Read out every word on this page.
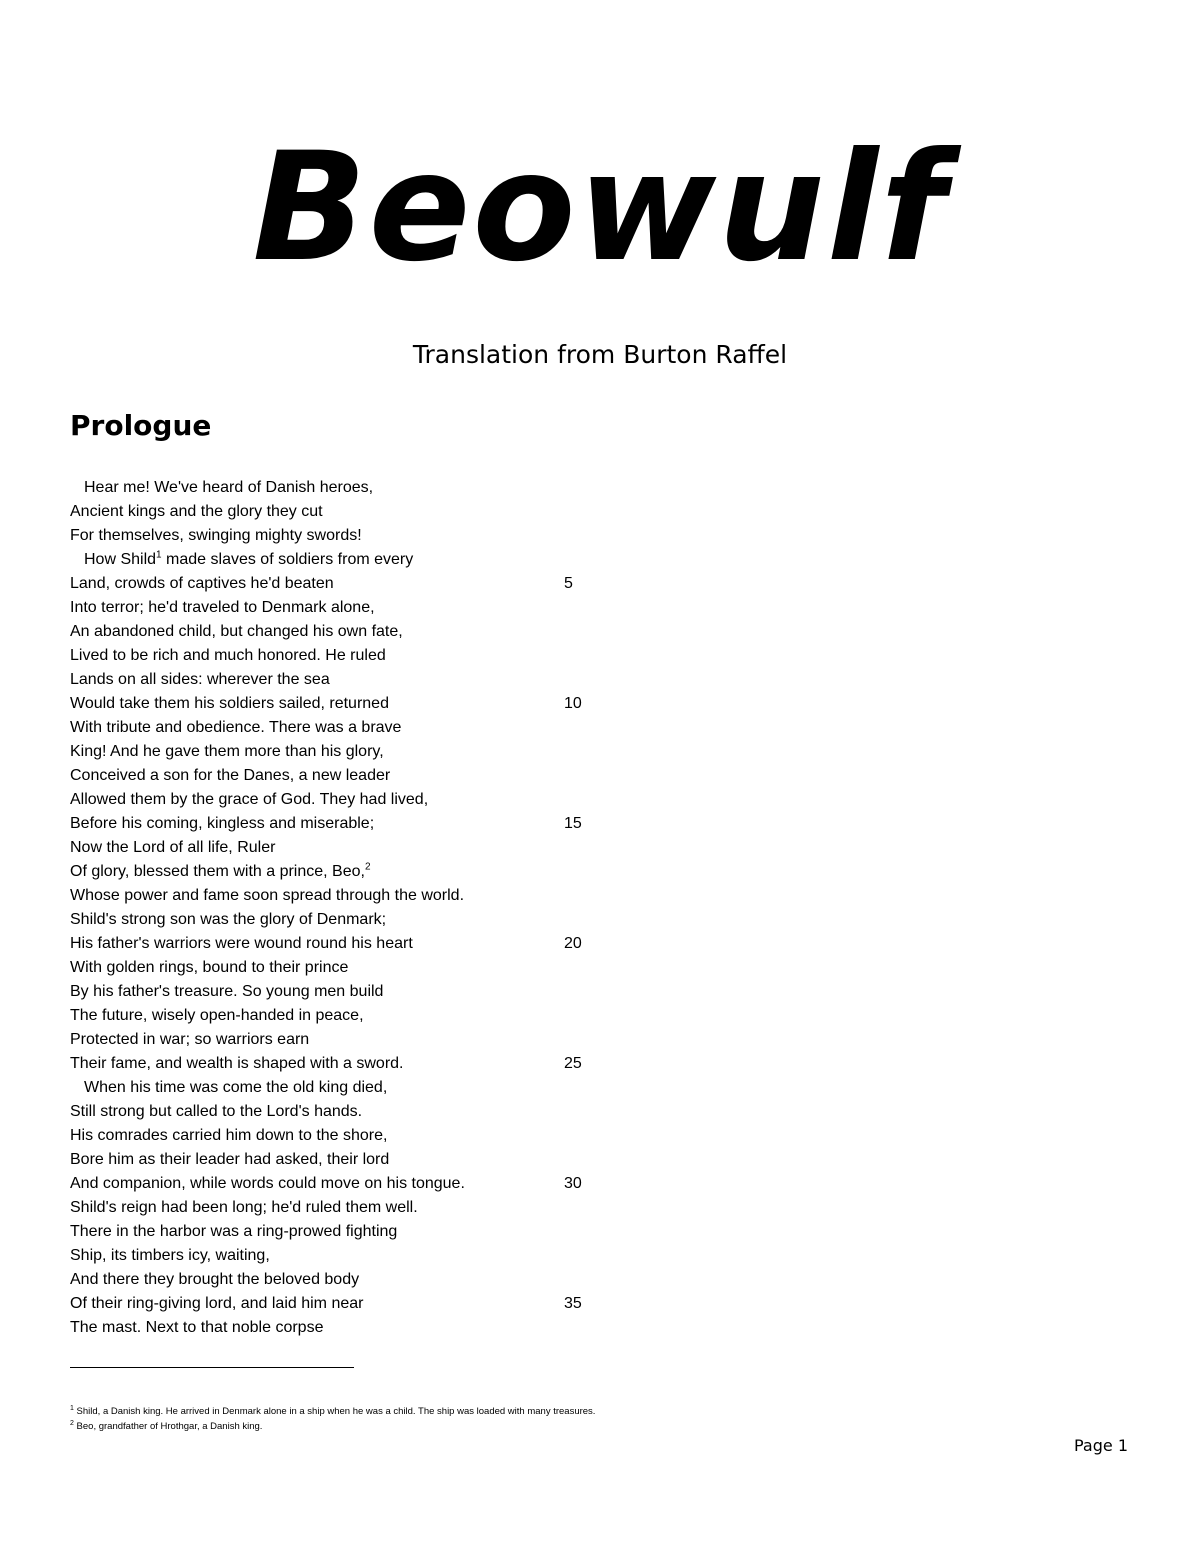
Beowulf
Translation from Burton Raffel
Prologue
Hear me! We've heard of Danish heroes,
Ancient kings and the glory they cut
For themselves, swinging mighty swords!
How Shild$^1$ made slaves of soldiers from every
Land, crowds of captives he'd beaten	5
Into terror; he'd traveled to Denmark alone,
An abandoned child, but changed his own fate,
Lived to be rich and much honored. He ruled
Lands on all sides: wherever the sea
Would take them his soldiers sailed, returned	10
With tribute and obedience. There was a brave
King! And he gave them more than his glory,
Conceived a son for the Danes, a new leader
Allowed them by the grace of God. They had lived,
Before his coming, kingless and miserable;	15
Now the Lord of all life, Ruler
Of glory, blessed them with a prince, Beo,$^2$
Whose power and fame soon spread through the world.
Shild's strong son was the glory of Denmark;
His father's warriors were wound round his heart	20
With golden rings, bound to their prince
By his father's treasure. So young men build
The future, wisely open-handed in peace,
Protected in war; so warriors earn
Their fame, and wealth is shaped with a sword.	25
When his time was come the old king died,
Still strong but called to the Lord's hands.
His comrades carried him down to the shore,
Bore him as their leader had asked, their lord
And companion, while words could move on his tongue.	30
Shild's reign had been long; he'd ruled them well.
There in the harbor was a ring-prowed fighting
Ship, its timbers icy, waiting,
And there they brought the beloved body
Of their ring-giving lord, and laid him near	35
The mast. Next to that noble corpse
$^1$ Shild, a Danish king. He arrived in Denmark alone in a ship when he was a child. The ship was loaded with many treasures.
$^2$ Beo, grandfather of Hrothgar, a Danish king.
Page 1
